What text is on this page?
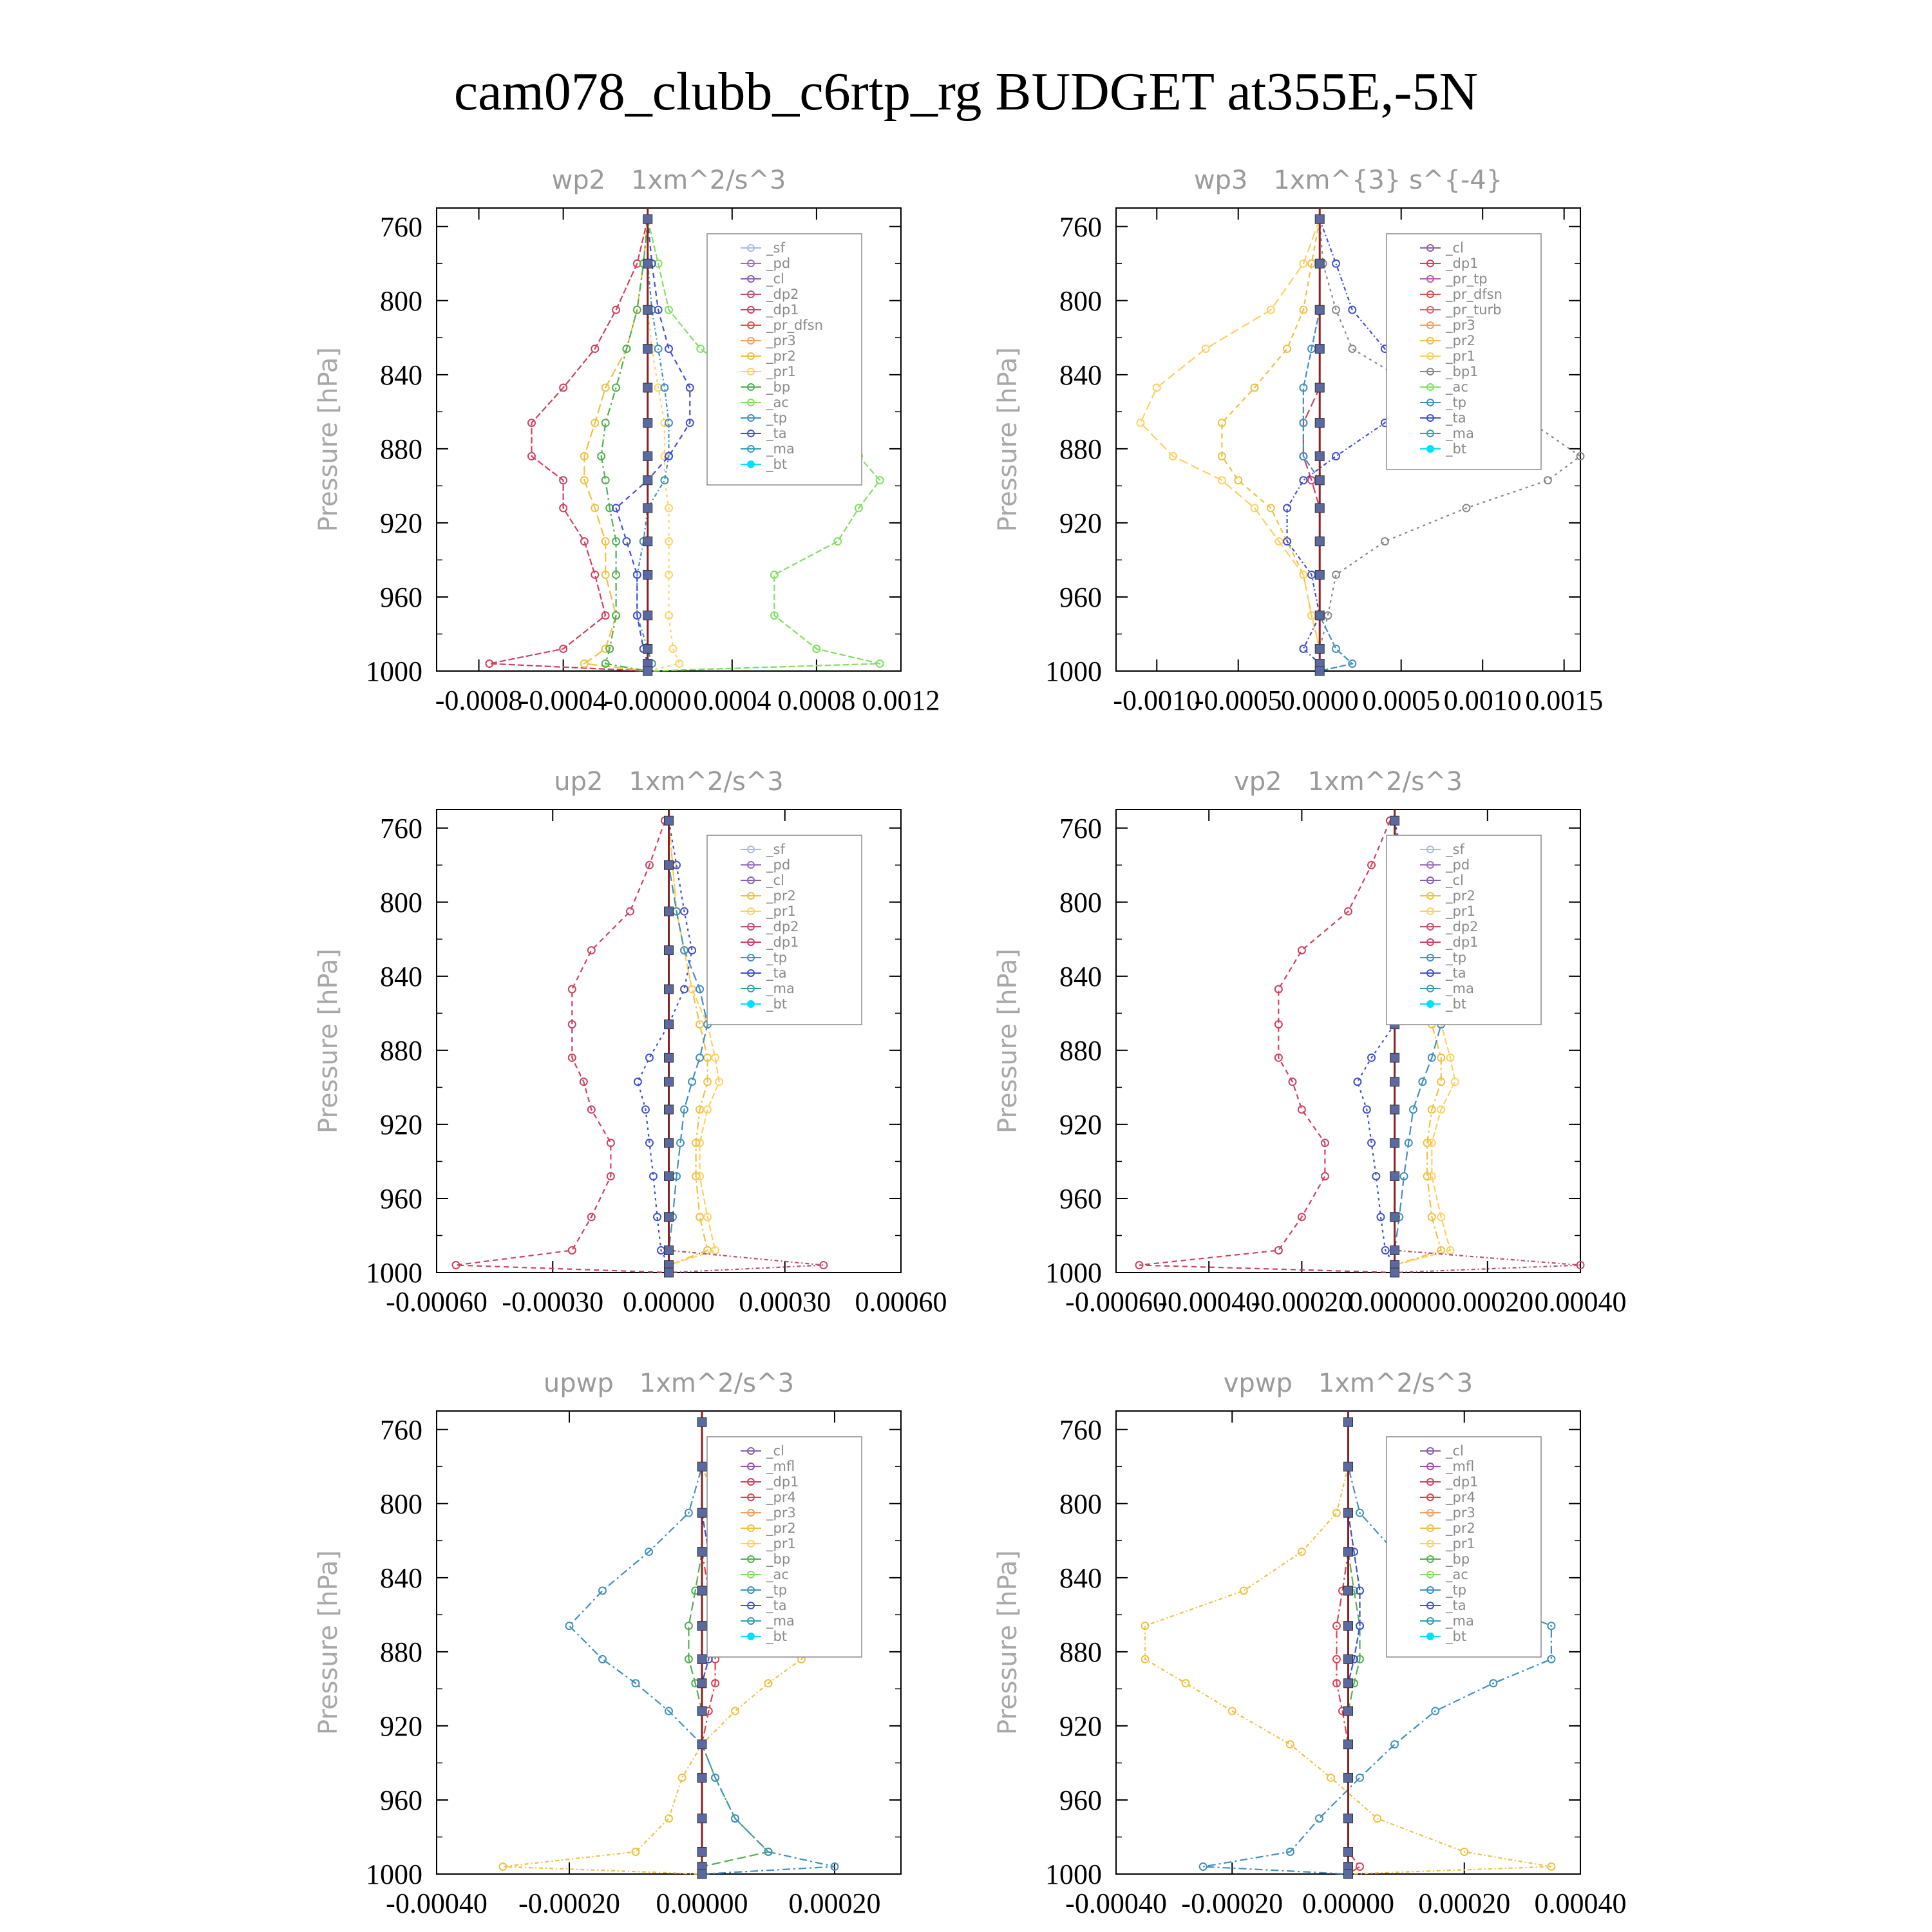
cam078_clubb_c6rtp_rg BUDGET at355E,-5N
wp2 1xm^2/s^3
Pressure [hPa]
760
800
840
880
920
960
1000
-0.0008
-0.0004
-0.0000 0.0004 0.0008 0.0012
_sf
_pd
_cl
_dp2
_dp1
_pr_dfsn
_pr3
_pr2
_pr1
_bp
_ac
_tp
_ta
_ma
_bt
wp3 1xm^{3} s^{-4}
Pressure [hPa]
760
800
840
880
920
960
1000
-0.0010
-0.0005
0.0000 0.0005 0.0010 0.0015
_cl
_dp1
_pr_tp
_pr_dfsn
_pr_turb
_pr3
_pr2
_pr1
_bp1
_ac
_tp
_ta
_ma
_bt
up2 1xm^2/s^3
Pressure [hPa]
760
800
840
880
920
960
1000
-0.00060 -0.00030 0.00000 0.00030 0.00060
_sf
_pd
_cl
_pr2
_pr1
_dp2
_dp1
_tp
_ta
_ma
_bt
vp2 1xm^2/s^3
Pressure [hPa]
760
800
840
880
920
960
1000
-0.00060
-0.00040
-0.00020
0.00000 0.00020 0.00040
_sf
_pd
_cl
_pr2
_pr1
_dp2
_dp1
_tp
_ta
_ma
_bt
upwp 1xm^2/s^3
Pressure [hPa]
760
800
840
880
920
960
1000
-0.00040 -0.00020 0.00000 0.00020
_cl
_mfl
_dp1
_pr4
_pr3
_pr2
_pr1
_bp
_ac
_tp
_ta
_ma
_bt
vpwp 1xm^2/s^3
Pressure [hPa]
760
800
840
880
920
960
1000
-0.00040 -0.00020 0.00000 0.00020 0.00040
_cl
_mfl
_dp1
_pr4
_pr3
_pr2
_pr1
_bp
_ac
_tp
_ta
_ma
_bt
